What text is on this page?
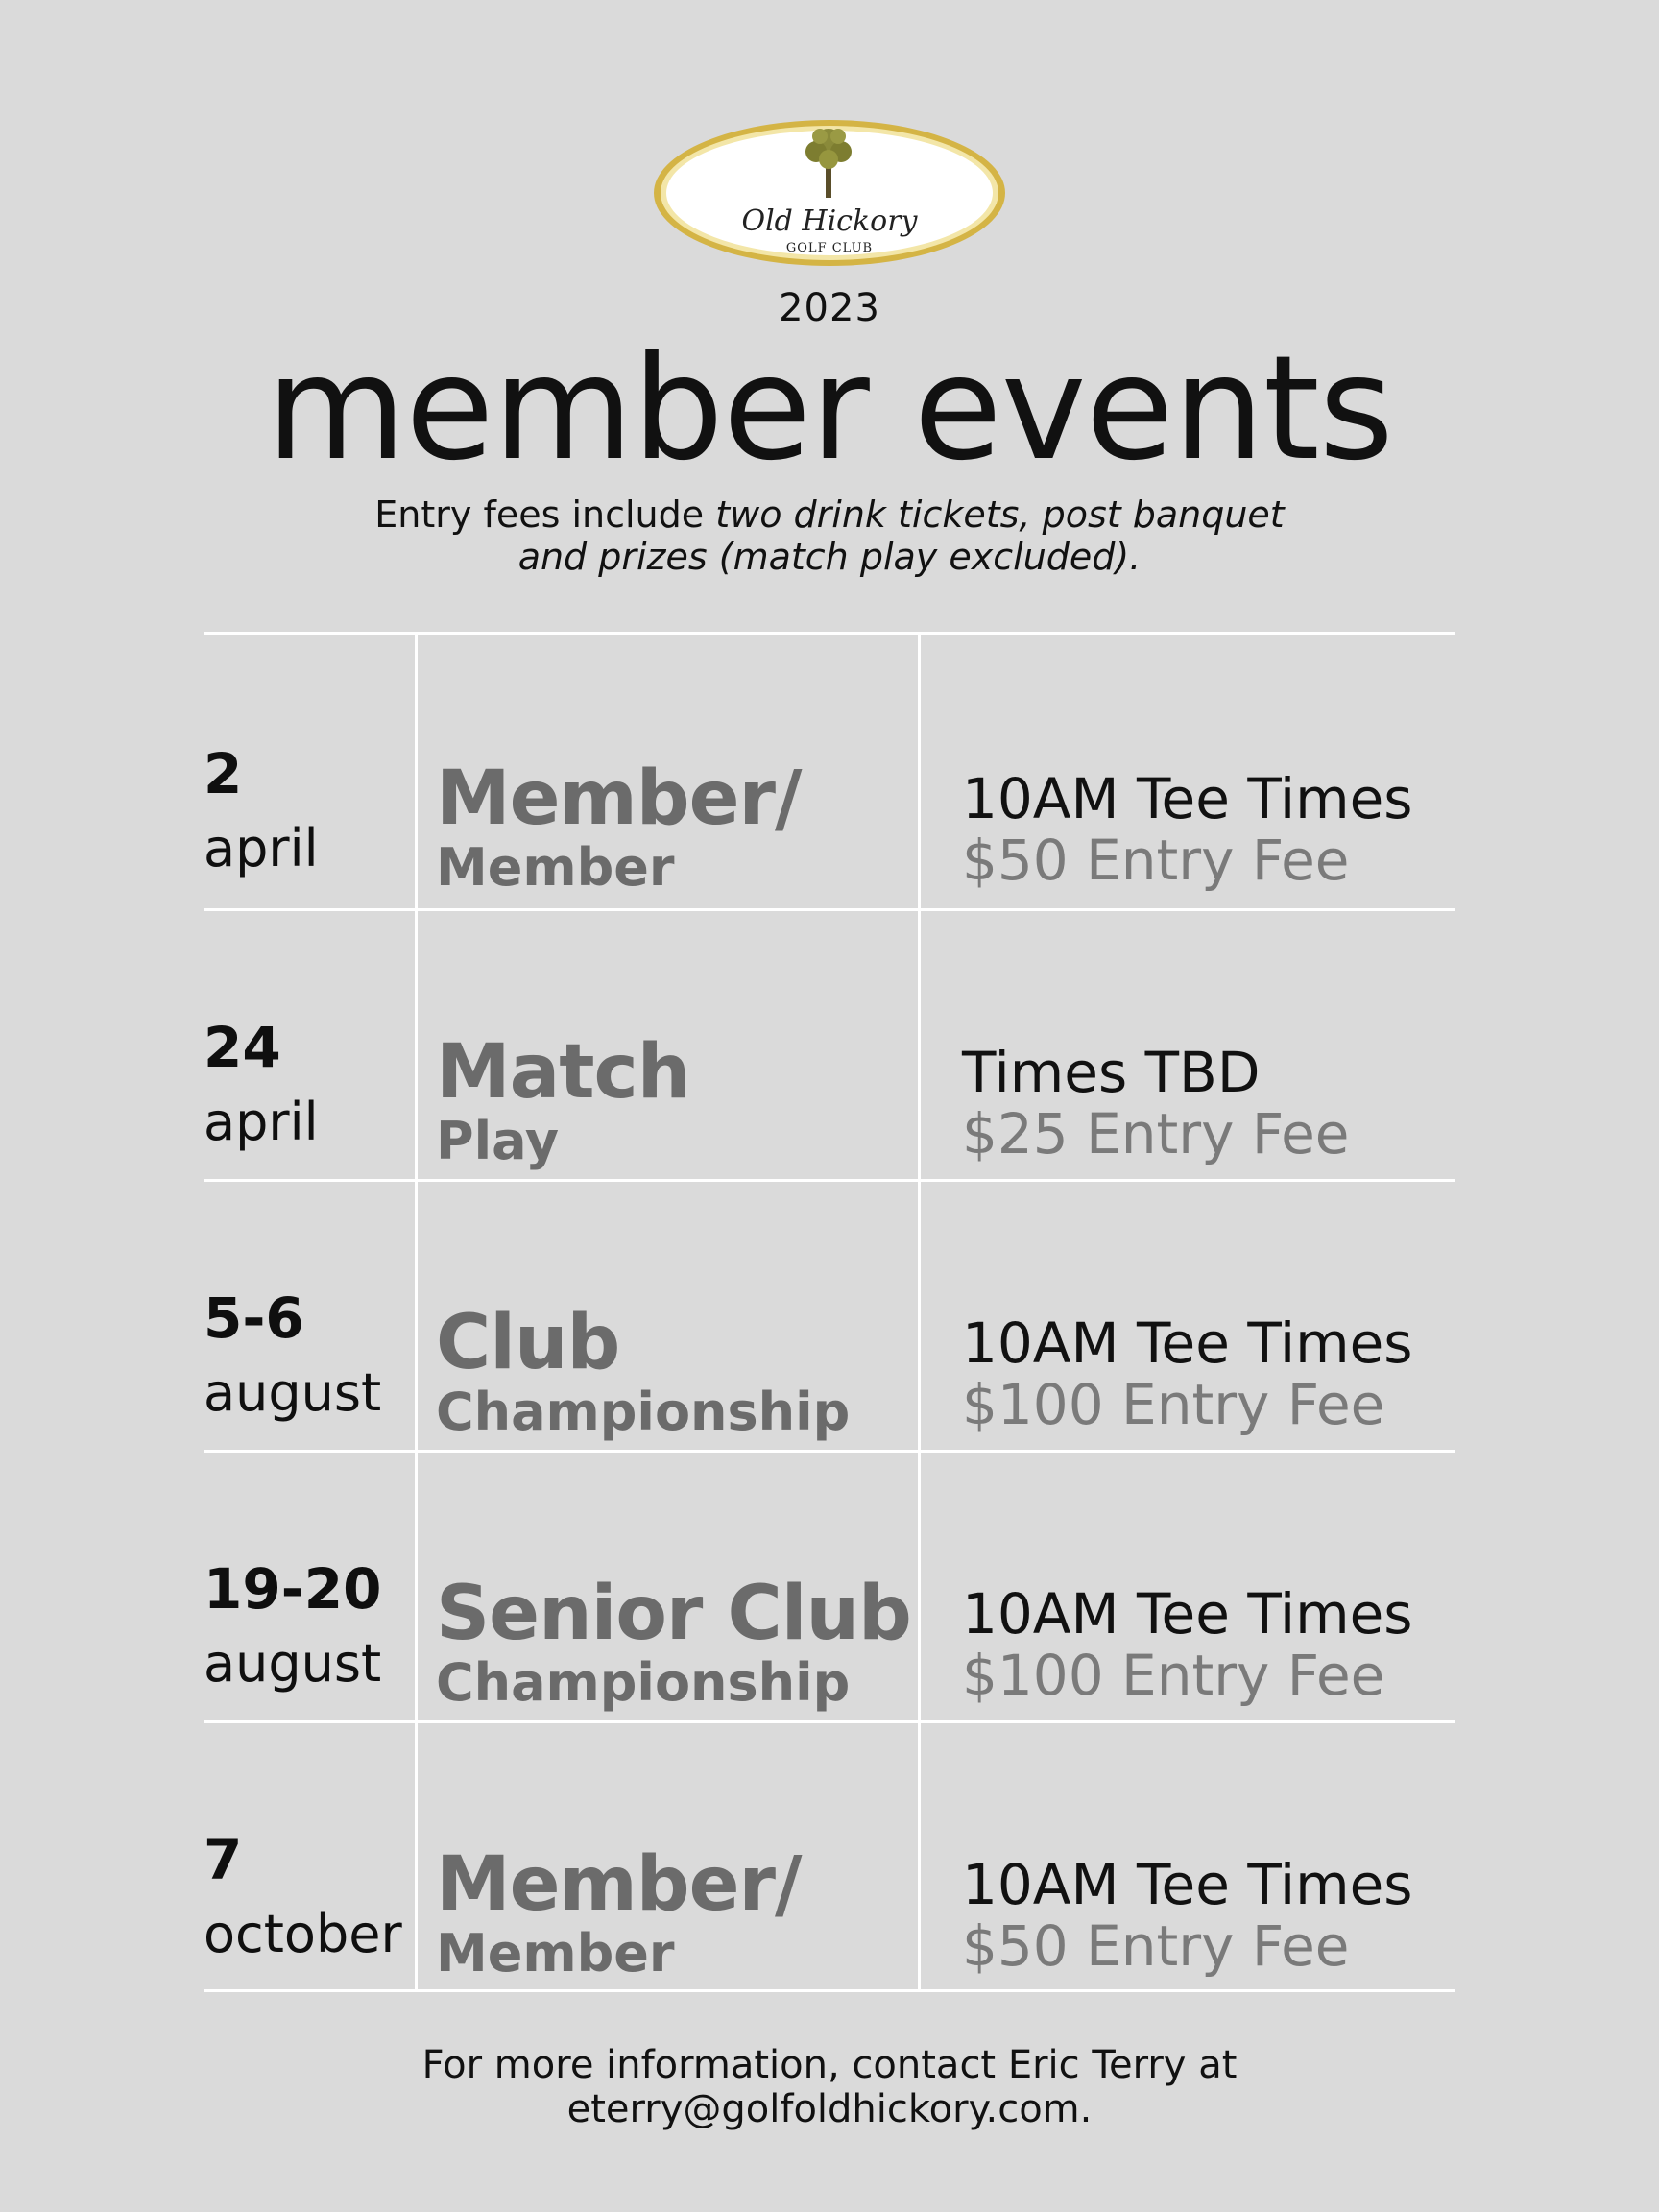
Old Hickory
GOLF CLUB
2023
member events
Entry fees include two drink tickets, post banquet
and prizes (match play excluded).
2
april
Member/
Member
10AM Tee Times
$50 Entry Fee
24
april
Match
Play
Times TBD
$25 Entry Fee
5-6
august
Club
Championship
10AM Tee Times
$100 Entry Fee
19-20
august
Senior Club
Championship
10AM Tee Times
$100 Entry Fee
7
october
Member/
Member
10AM Tee Times
$50 Entry Fee
For more information, contact Eric Terry at
eterry@golfoldhickory.com.
